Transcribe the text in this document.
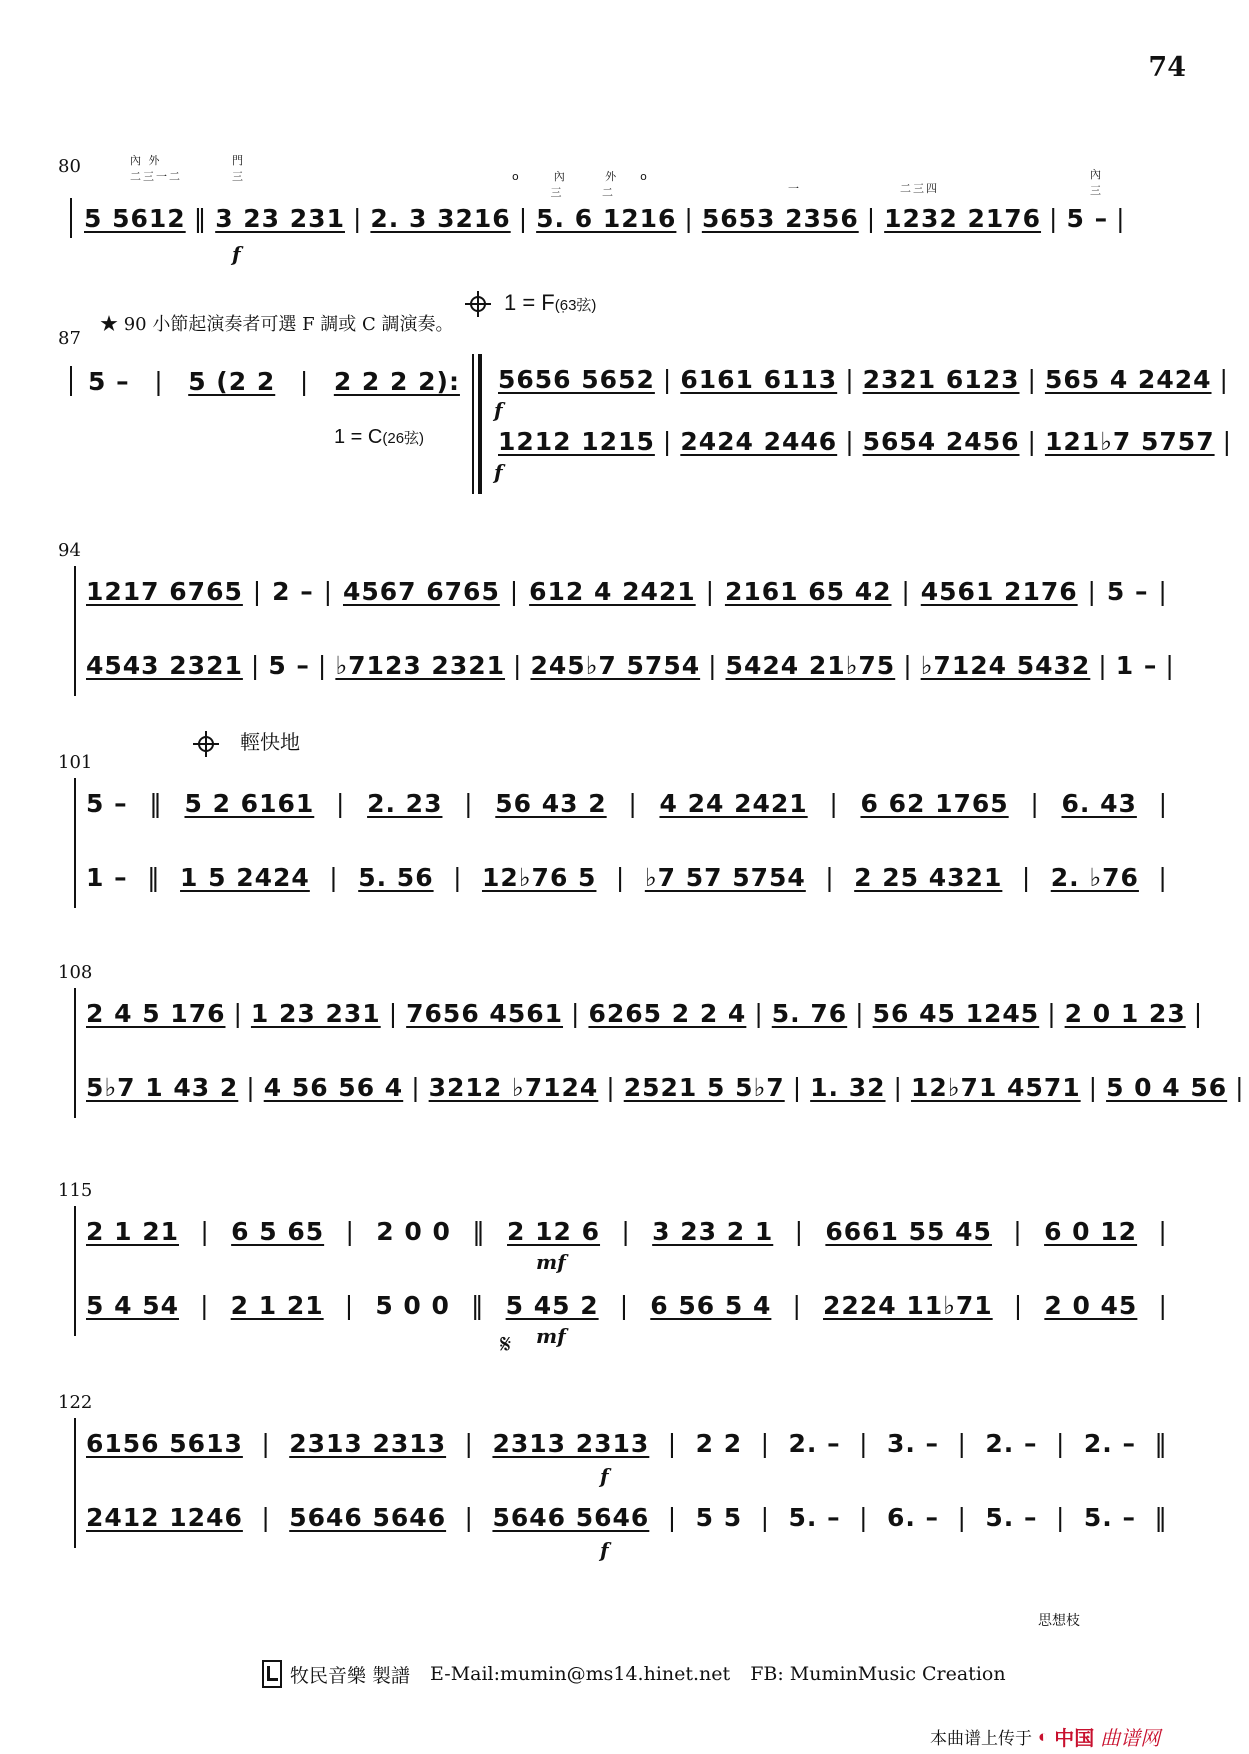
74
80	內 外
二三一二
門
三	o      內       外    o
三       二	一	二三四
內
三
5 5612 ‖ 3 23 231 | 2. 3 3216 | 5. 6 1216 | 5653 2356 | 1232 2176 | 5 – |
f
★ 90 小節起演奏者可選 F 調或 C 調演奏。
1 = F(6̣3弦)
87
5 – | 5 (2 2 | 2 2 2 2):
1 = C(26弦)
5656 5652 | 6161 6113 | 2321 6123 | 565 4 2424 |
1212 1215 | 2424 2446 | 5654 2456 | 121♭7 5757 |
f
f
94
1217 6765 | 2 – | 4567 6765 | 612 4 2421 | 2161 65 42 | 4561 2176 | 5 – |
4543 2321 | 5 – | ♭7123 2321 | 245♭7 5754 | 5424 21♭75 | ♭7124 5432 | 1 – |
輕快地
101
5 – ‖ 5 2 6161 | 2. 23 | 56 43 2 | 4 24 2421 | 6 62 1765 | 6. 43 |
1 – ‖ 1 5 2424 | 5. 56 | 12♭76 5 | ♭7 57 5754 | 2 25 4321 | 2. ♭76 |
108
2 4 5 176 | 1 23 231 | 7656 4561 | 6265 2 2 4 | 5. 76 | 56 45 1245 | 2 0 1 23 |
5♭7 1 43 2 | 4 56 56 4 | 3212 ♭7124 | 2521 5 5♭7 | 1. 32 | 12♭71 4571 | 5 0 4 56 |
115
2 1 21 | 6 5 65 | 2 0 0 ‖ 2 12 6 | 3 23 2 1 | 6661 55 45 | 6 0 12 |
5 4 54 | 2 1 21 | 5 0 0 ‖ 5 45 2 | 6 56 5 4 | 2224 11♭71 | 2 0 45 |
mf
mf
𝄋
122
6156 5613 | 2313 2313 | 2313 2313 | 2 2 | 2. – | 3. – | 2. – | 2. – ‖
2412 1246 | 5646 5646 | 5646 5646 | 5 5 | 5. – | 6. – | 5. – | 5. – ‖
f
f
思想枝
牧民音樂 製譜 E-Mail:mumin@ms14.hinet.net FB: MuminMusic Creation
本曲谱上传于 ◐ 中国 曲谱网
